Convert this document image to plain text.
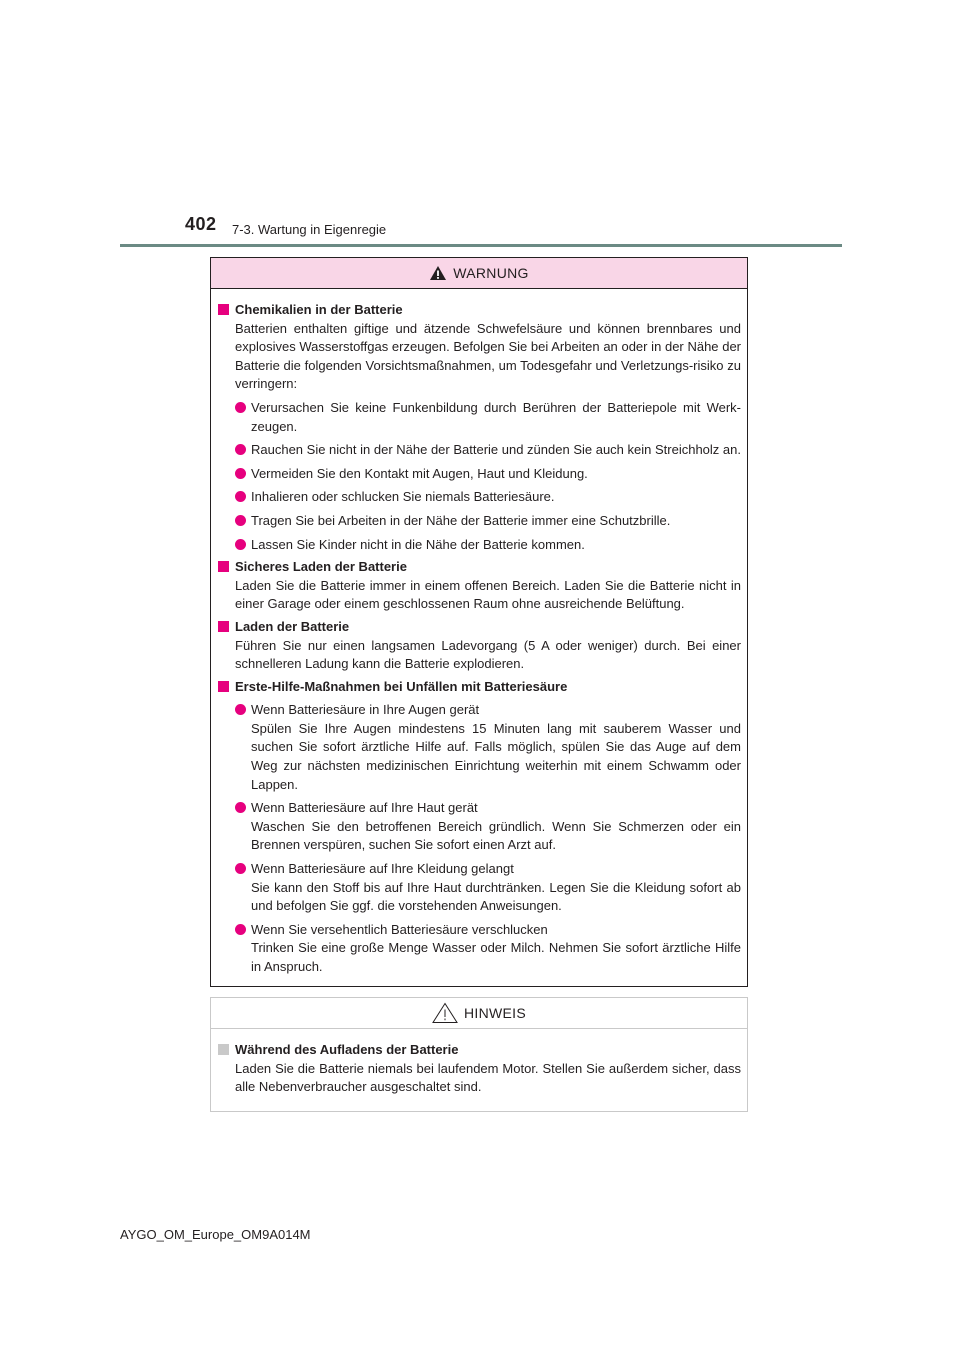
402 7-3. Wartung in Eigenregie
WARNUNG
Chemikalien in der Batterie
Batterien enthalten giftige und ätzende Schwefelsäure und können brennbares und explosives Wasserstoffgas erzeugen. Befolgen Sie bei Arbeiten an oder in der Nähe der Batterie die folgenden Vorsichtsmaßnahmen, um Todesgefahr und Verletzungs-risiko zu verringern:
Verursachen Sie keine Funkenbildung durch Berühren der Batteriepole mit Werk-zeugen.
Rauchen Sie nicht in der Nähe der Batterie und zünden Sie auch kein Streichholz an.
Vermeiden Sie den Kontakt mit Augen, Haut und Kleidung.
Inhalieren oder schlucken Sie niemals Batteriesäure.
Tragen Sie bei Arbeiten in der Nähe der Batterie immer eine Schutzbrille.
Lassen Sie Kinder nicht in die Nähe der Batterie kommen.
Sicheres Laden der Batterie
Laden Sie die Batterie immer in einem offenen Bereich. Laden Sie die Batterie nicht in einer Garage oder einem geschlossenen Raum ohne ausreichende Belüftung.
Laden der Batterie
Führen Sie nur einen langsamen Ladevorgang (5 A oder weniger) durch. Bei einer schnelleren Ladung kann die Batterie explodieren.
Erste-Hilfe-Maßnahmen bei Unfällen mit Batteriesäure
Wenn Batteriesäure in Ihre Augen gerät
Spülen Sie Ihre Augen mindestens 15 Minuten lang mit sauberem Wasser und suchen Sie sofort ärztliche Hilfe auf. Falls möglich, spülen Sie das Auge auf dem Weg zur nächsten medizinischen Einrichtung weiterhin mit einem Schwamm oder Lappen.
Wenn Batteriesäure auf Ihre Haut gerät
Waschen Sie den betroffenen Bereich gründlich. Wenn Sie Schmerzen oder ein Brennen verspüren, suchen Sie sofort einen Arzt auf.
Wenn Batteriesäure auf Ihre Kleidung gelangt
Sie kann den Stoff bis auf Ihre Haut durchtränken. Legen Sie die Kleidung sofort ab und befolgen Sie ggf. die vorstehenden Anweisungen.
Wenn Sie versehentlich Batteriesäure verschlucken
Trinken Sie eine große Menge Wasser oder Milch. Nehmen Sie sofort ärztliche Hilfe in Anspruch.
HINWEIS
Während des Aufladens der Batterie
Laden Sie die Batterie niemals bei laufendem Motor. Stellen Sie außerdem sicher, dass alle Nebenverbraucher ausgeschaltet sind.
AYGO_OM_Europe_OM9A014M
